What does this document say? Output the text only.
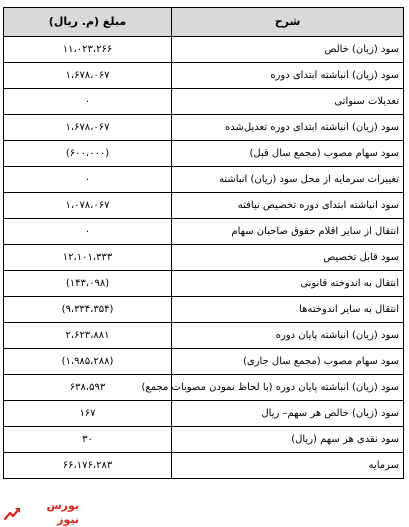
شرح	مبلغ (م. ریال)
سود (زیان) خالص	۱۱،۰۲۳،۲۶۶
سود (زیان) انباشته ابتدای دوره	۱،۶۷۸،۰۶۷
تعدیلات سنواتی	۰
سود (زیان) انباشته ابتدای دوره تعدیل‌شده	۱،۶۷۸،۰۶۷
سود سهام مصوب (مجمع سال قبل)	(۶۰۰،۰۰۰)
تغییرات سرمایه از محل سود (زیان) انباشته	۰
سود انباشته ابتدای دوره تخصیص نیافته	۱،۰۷۸،۰۶۷
انتقال از سایر اقلام حقوق صاحبان سهام	۰
سود قابل تخصیص	۱۲،۱۰۱،۳۳۳
انتقال به اندوخته قانونی	(۱۴۳،۰۹۸)
انتقال به سایر اندوخته‌ها	(۹،۳۳۴،۳۵۴)
سود (زیان) انباشته پایان دوره	۲،۶۲۳،۸۸۱
سود سهام مصوب (مجمع سال جاری)	(۱،۹۸۵،۲۸۸)
سود (زیان) انباشته پایان دوره (با لحاظ نمودن مصوبات مجمع)	۶۳۸،۵۹۳
سود (زیان) خالص هر سهم– ریال	۱۶۷
سود نقدی هر سهم (ریال)	۳۰
سرمایه	۶۶،۱۷۶،۲۸۳
بورس نیوز
